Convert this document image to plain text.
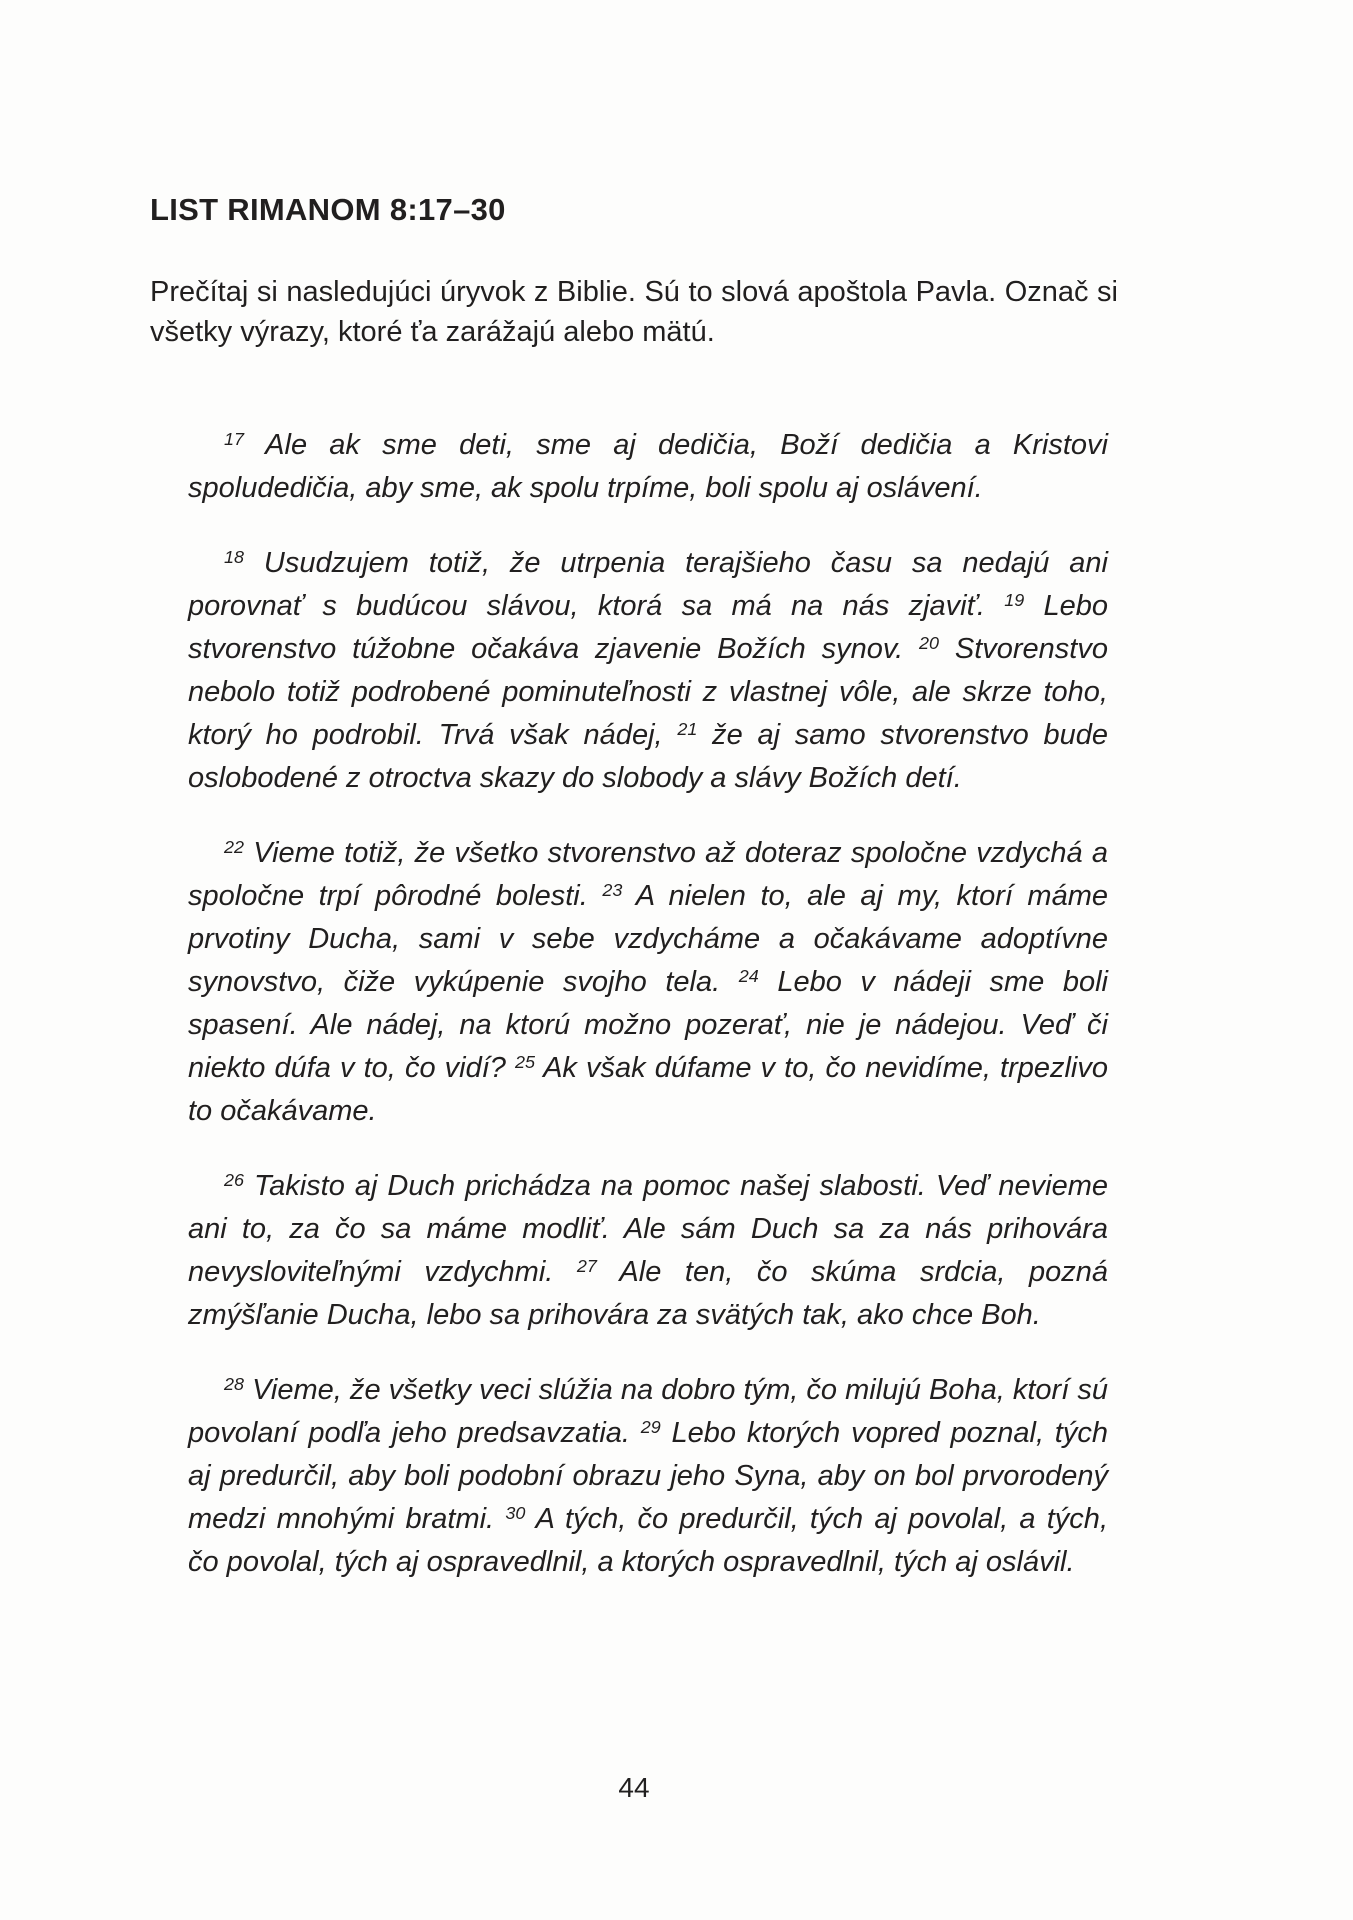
LIST RIMANOM 8:17–30

Prečítaj si nasledujúci úryvok z Biblie. Sú to slová apoštola Pavla. Označ si všetky výrazy, ktoré ťa zarážajú alebo mätú.

$^{17}$ Ale ak sme deti, sme aj dedičia, Boží dedičia a Kristovi spoludedičia, aby sme, ak spolu trpíme, boli spolu aj oslávení.

$^{18}$ Usudzujem totiž, že utrpenia terajšieho času sa nedajú ani porovnať s budúcou slávou, ktorá sa má na nás zjaviť. $^{19}$ Lebo stvorenstvo túžobne očakáva zjavenie Božích synov. $^{20}$ Stvorenstvo nebolo totiž podrobené pominuteľnosti z vlastnej vôle, ale skrze toho, ktorý ho podrobil. Trvá však nádej, $^{21}$ že aj samo stvorenstvo bude oslobodené z otroctva skazy do slobody a slávy Božích detí.

$^{22}$ Vieme totiž, že všetko stvorenstvo až doteraz spoločne vzdychá a spoločne trpí pôrodné bolesti. $^{23}$ A nielen to, ale aj my, ktorí máme prvotiny Ducha, sami v sebe vzdycháme a očakávame adoptívne synovstvo, čiže vykúpenie svojho tela. $^{24}$ Lebo v nádeji sme boli spasení. Ale nádej, na ktorú možno pozerať, nie je nádejou. Veď či niekto dúfa v to, čo vidí? $^{25}$ Ak však dúfame v to, čo nevidíme, trpezlivo to očakávame.

$^{26}$ Takisto aj Duch prichádza na pomoc našej slabosti. Veď nevieme ani to, za čo sa máme modliť. Ale sám Duch sa za nás prihovára nevysloviteľnými vzdychmi. $^{27}$ Ale ten, čo skúma srdcia, pozná zmýšľanie Ducha, lebo sa prihovára za svätých tak, ako chce Boh.

$^{28}$ Vieme, že všetky veci slúžia na dobro tým, čo milujú Boha, ktorí sú povolaní podľa jeho predsavzatia. $^{29}$ Lebo ktorých vopred poznal, tých aj predurčil, aby boli podobní obrazu jeho Syna, aby on bol prvorodený medzi mnohými bratmi. $^{30}$ A tých, čo predurčil, tých aj povolal, a tých, čo povolal, tých aj ospravedlnil, a ktorých ospravedlnil, tých aj oslávil.

44
